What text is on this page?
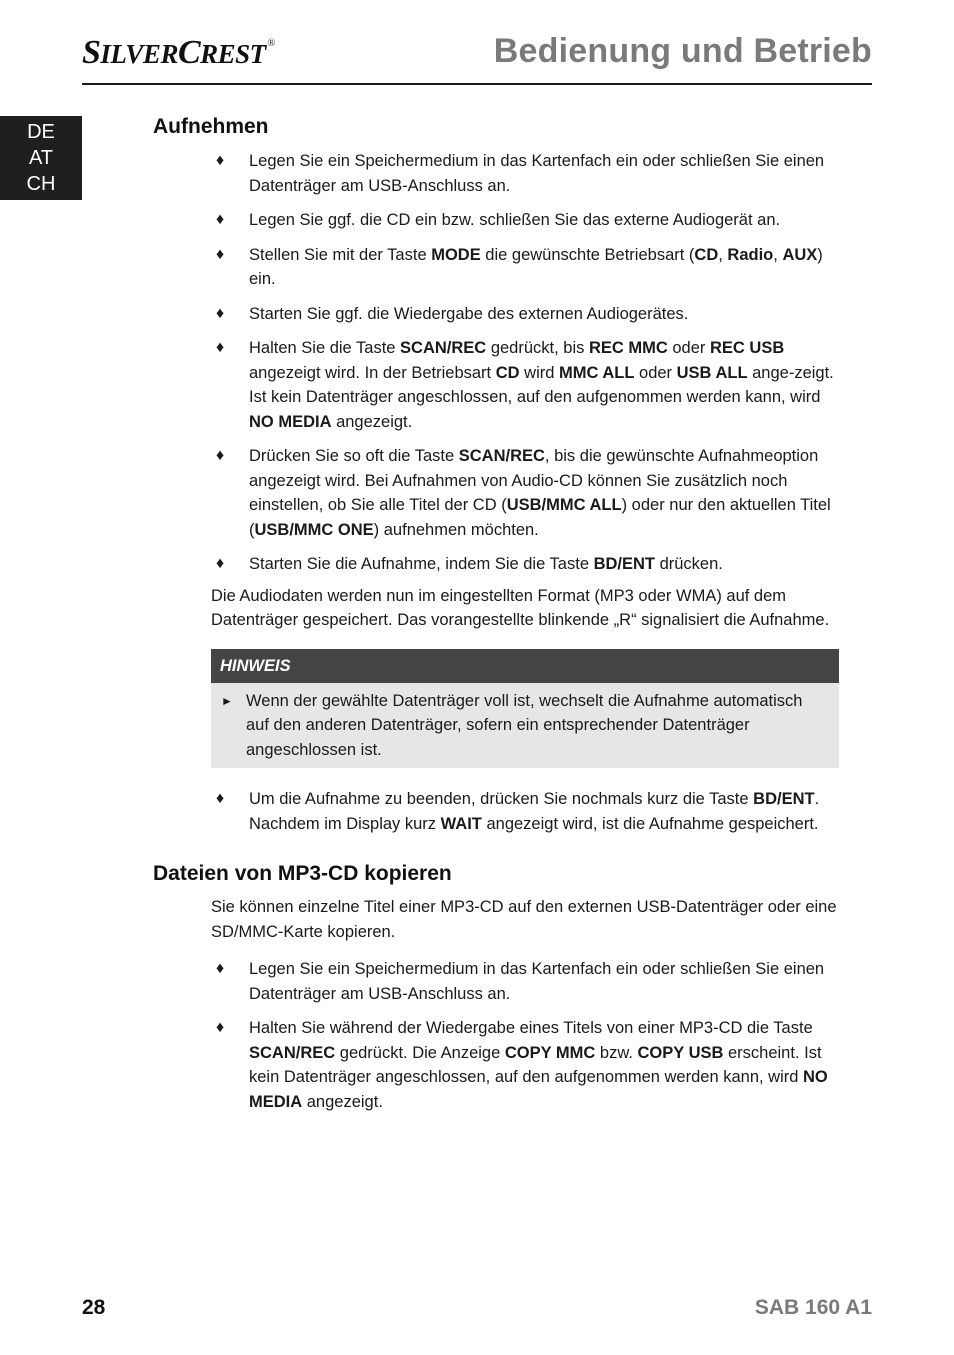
SILVERCREST ®	Bedienung und Betrieb
DE
AT
CH
Aufnehmen
♦ Legen Sie ein Speichermedium in das Kartenfach ein oder schließen Sie einen Datenträger am USB-Anschluss an.
♦ Legen Sie ggf. die CD ein bzw. schließen Sie das externe Audiogerät an.
♦ Stellen Sie mit der Taste MODE die gewünschte Betriebsart (CD, Radio, AUX) ein.
♦ Starten Sie ggf. die Wiedergabe des externen Audiogerätes.
♦ Halten Sie die Taste SCAN/REC gedrückt, bis REC MMC oder REC USB angezeigt wird. In der Betriebsart CD wird MMC ALL oder USB ALL ange-zeigt. Ist kein Datenträger angeschlossen, auf den aufgenommen werden kann, wird NO MEDIA angezeigt.
♦ Drücken Sie so oft die Taste SCAN/REC, bis die gewünschte Aufnahmeoption angezeigt wird. Bei Aufnahmen von Audio-CD können Sie zusätzlich noch einstellen, ob Sie alle Titel der CD (USB/MMC ALL) oder nur den aktuellen Titel (USB/MMC ONE) aufnehmen möchten.
♦ Starten Sie die Aufnahme, indem Sie die Taste BD/ENT drücken.

Die Audiodaten werden nun im eingestellten Format (MP3 oder WMA) auf dem Datenträger gespeichert. Das vorangestellte blinkende „R“ signalisiert die Aufnahme.

HINWEIS
► Wenn der gewählte Datenträger voll ist, wechselt die Aufnahme automatisch auf den anderen Datenträger, sofern ein entsprechender Datenträger angeschlossen ist.
♦ Um die Aufnahme zu beenden, drücken Sie nochmals kurz die Taste BD/ENT. Nachdem im Display kurz WAIT angezeigt wird, ist die Aufnahme gespeichert.
Dateien von MP3-CD kopieren

Sie können einzelne Titel einer MP3-CD auf den externen USB-Datenträger oder eine SD/MMC-Karte kopieren.

♦ Legen Sie ein Speichermedium in das Kartenfach ein oder schließen Sie einen Datenträger am USB-Anschluss an.
♦ Halten Sie während der Wiedergabe eines Titels von einer MP3-CD die Taste SCAN/REC gedrückt. Die Anzeige COPY MMC bzw. COPY USB erscheint. Ist kein Datenträger angeschlossen, auf den aufgenommen werden kann, wird NO MEDIA angezeigt.
28	SAB 160 A1
